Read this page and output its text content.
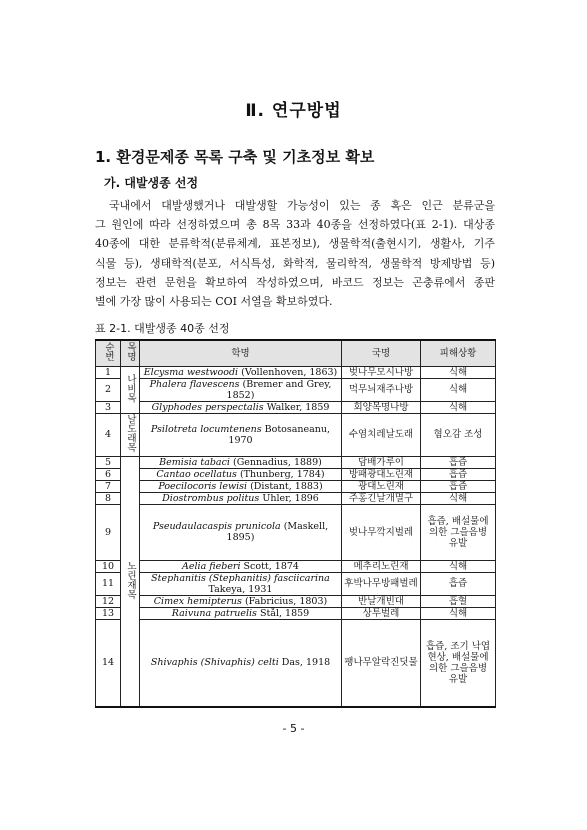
Ⅱ. 연구방법
1. 환경문제종 목록 구축 및 기초정보 확보
가. 대발생종 선정
국내에서 대발생했거나 대발생할 가능성이 있는 종 혹은 인근 분류군을
그 원인에 따라 선정하였으며 총 8목 33과 40종을 선정하였다(표 2-1). 대상종
40종에 대한 분류학적(분류체계, 표본정보), 생물학적(출현시기, 생활사, 기주
식물 등), 생태학적(분포, 서식특성, 화학적, 물리학적, 생물학적 방제방법 등)
정보는 관련 문헌을 확보하여 작성하였으며, 바코드 정보는 곤충류에서 종판
별에 가장 많이 사용되는 COI 서열을 확보하였다.
표 2-1. 대발생종 40종 선정
순번	목명	학명	국명	피해상황
1	나비목	Elcysma westwoodi (Vollenhoven, 1863)	벚나무모시나방	식해
2		Phalera flavescens (Bremer and Grey, 1852)	먹무늬재주나방	식해
3		Glyphodes perspectalis Walker, 1859	회양목명나방	식해
4	날도래목	Psilotreta locumtenens Botosaneanu, 1970	수염치레날도래	혐오감 조성
5	노린재목	Bemisia tabaci (Gennadius, 1889)	담배가루이	흡즙
6		Cantao ocellatus (Thunberg, 1784)	방패광대노린재	흡즙
7		Poecilocoris lewisi (Distant, 1883)	광대노린재	흡즙
8		Diostrombus politus Uhler, 1896	주홍긴날개멸구	식해
9		Pseudaulacaspis prunicola (Maskell, 1895)	벚나무깍지벌레	흡즙, 배설물에 의한 그을음병 유발
10		Aelia fieberi Scott, 1874	메추리노린재	식해
11		Stephanitis (Stephanitis) fasciicarina Takeya, 1931	후박나무방패벌레	흡즙
12		Cimex hemipterus (Fabricius, 1803)	반날개빈대	흡혈
13		Raivuna patruelis Stål, 1859	상투벌레	식해
14		Shivaphis (Shivaphis) celti Das, 1918	팽나무알락진딧물	흡즙, 조기 낙엽 현상, 배설물에 의한 그을음병 유발
- 5 -
